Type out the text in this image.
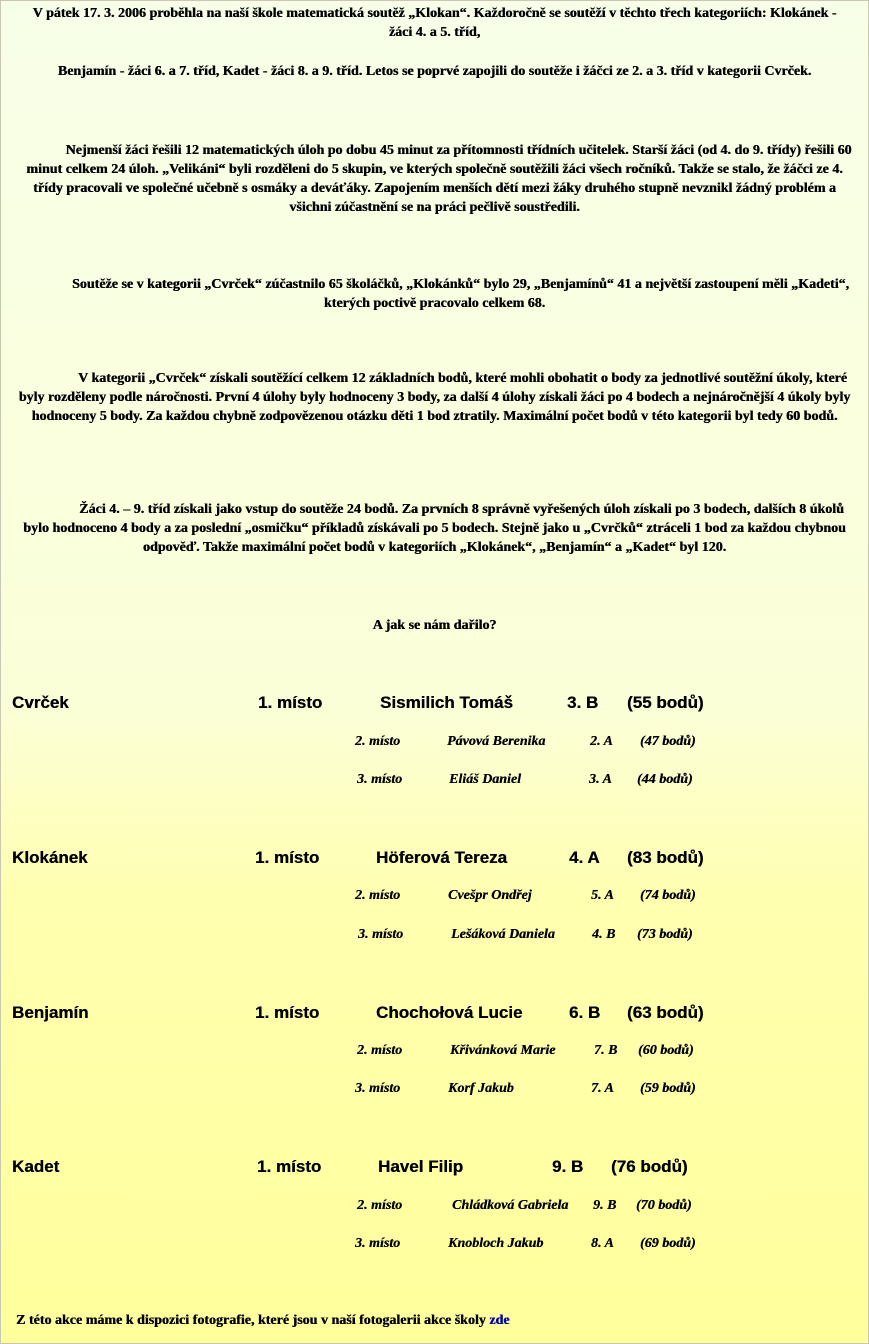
V pátek 17. 3. 2006 proběhla na naší škole matematická soutěž „Klokan“. Každoročně se soutěží v těchto třech kategoriích: Klokánek -
žáci 4. a 5. tříd,
Benjamín - žáci 6. a 7. tříd, Kadet - žáci 8. a 9. tříd. Letos se poprvé zapojili do soutěže i žáčci ze 2. a 3. tříd v kategorii Cvrček.
Nejmenší žáci řešili 12 matematických úloh po dobu 45 minut za přítomnosti třídních učitelek. Starší žáci (od 4. do 9. třídy) řešili 60 minut celkem 24 úloh. „Velikáni“ byli rozděleni do 5 skupin, ve kterých společně soutěžili žáci všech ročníků. Takže se stalo, že žáčci ze 4. třídy pracovali ve společné učebně s osmáky a deváťáky. Zapojením menších dětí mezi žáky druhého stupně nevznikl žádný problém a všichni zúčastnění se na práci pečlivě soustředili.
Soutěže se v kategorii „Cvrček“ zúčastnilo 65 školáčků, „Klokánků“ bylo 29, „Benjamínů“ 41 a největší zastoupení měli „Kadeti“, kterých poctivě pracovalo celkem 68.
V kategorii „Cvrček“ získali soutěžící celkem 12 základních bodů, které mohli obohatit o body za jednotlivé soutěžní úkoly, které byly rozděleny podle náročnosti. První 4 úlohy byly hodnoceny 3 body, za další 4 úlohy získali žáci po 4 bodech a nejnáročnější 4 úkoly byly hodnoceny 5 body. Za každou chybně zodpovězenou otázku děti 1 bod ztratily. Maximální počet bodů v této kategorii byl tedy 60 bodů.
Žáci 4. – 9. tříd získali jako vstup do soutěže 24 bodů. Za prvních 8 správně vyřešených úloh získali po 3 bodech, dalších 8 úkolů bylo hodnoceno 4 body a za poslední „osmičku“ příkladů získávali po 5 bodech. Stejně jako u „Cvrčků“ ztráceli 1 bod za každou chybnou odpověď. Takže maximální počet bodů v kategoriích „Klokánek“, „Benjamín“ a „Kadet“ byl 120.
A jak se nám dařilo?
Cvrček	1. místo	Sismilich Tomáš	3. B (55 bodů)
2. místo	Pávová Berenika	2. A (47 bodů)
3. místo	Eliáš Daniel	3. A (44 bodů)
Klokánek	1. místo	Höferová Tereza	4. A (83 bodů)
2. místo	Cvešpr Ondřej	5. A (74 bodů)
3. místo	Lešáková Daniela	4. B (73 bodů)
Benjamín	1. místo	Chochołová Lucie	6. B (63 bodů)
2. místo	Křivánková Marie	7. B (60 bodů)
3. místo	Korf Jakub	7. A (59 bodů)
Kadet	1. místo	Havel Filip	9. B (76 bodů)
2. místo	Chládková Gabriela 9. B (70 bodů)
3. místo	Knobloch Jakub	8. A (69 bodů)
Z této akce máme k dispozici fotografie, které jsou v naší fotogalerii akce školy zde
